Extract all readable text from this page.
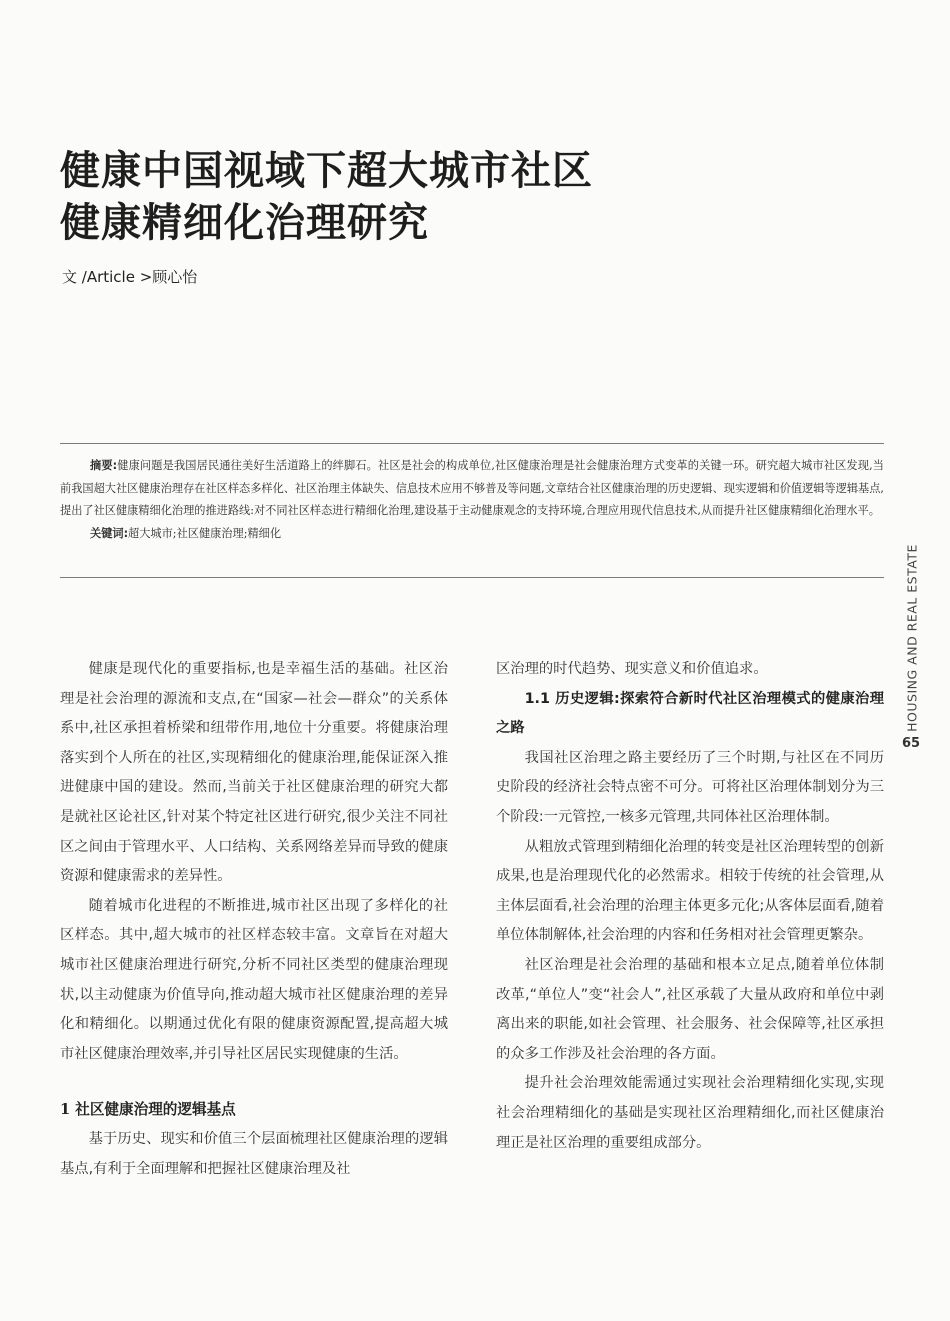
健康中国视域下超大城市社区
健康精细化治理研究
文 /Article >顾心怡

摘要:健康问题是我国居民通往美好生活道路上的绊脚石。社区是社会的构成单位,社区健康治理是社会健康治理方式变革的关键一环。研究超大城市社区发现,当前我国超大社区健康治理存在社区样态多样化、社区治理主体缺失、信息技术应用不够普及等问题,文章结合社区健康治理的历史逻辑、现实逻辑和价值逻辑等逻辑基点,提出了社区健康精细化治理的推进路线:对不同社区样态进行精细化治理,建设基于主动健康观念的支持环境,合理应用现代信息技术,从而提升社区健康精细化治理水平。

关键词:超大城市;社区健康治理;精细化

健康是现代化的重要指标,也是幸福生活的基础。社区治理是社会治理的源流和支点,在“国家—社会—群众”的关系体系中,社区承担着桥梁和纽带作用,地位十分重要。将健康治理落实到个人所在的社区,实现精细化的健康治理,能保证深入推进健康中国的建设。然而,当前关于社区健康治理的研究大都是就社区论社区,针对某个特定社区进行研究,很少关注不同社区之间由于管理水平、人口结构、关系网络差异而导致的健康资源和健康需求的差异性。

随着城市化进程的不断推进,城市社区出现了多样化的社区样态。其中,超大城市的社区样态较丰富。文章旨在对超大城市社区健康治理进行研究,分析不同社区类型的健康治理现状,以主动健康为价值导向,推动超大城市社区健康治理的差异化和精细化。以期通过优化有限的健康资源配置,提高超大城市社区健康治理效率,并引导社区居民实现健康的生活。

1 社区健康治理的逻辑基点

基于历史、现实和价值三个层面梳理社区健康治理的逻辑基点,有利于全面理解和把握社区健康治理及社

区治理的时代趋势、现实意义和价值追求。

1.1 历史逻辑:探索符合新时代社区治理模式的健康治理之路

我国社区治理之路主要经历了三个时期,与社区在不同历史阶段的经济社会特点密不可分。可将社区治理体制划分为三个阶段:一元管控,一核多元管理,共同体社区治理体制。

从粗放式管理到精细化治理的转变是社区治理转型的创新成果,也是治理现代化的必然需求。相较于传统的社会管理,从主体层面看,社会治理的治理主体更多元化;从客体层面看,随着单位体制解体,社会治理的内容和任务相对社会管理更繁杂。

社区治理是社会治理的基础和根本立足点,随着单位体制改革,“单位人”变“社会人”,社区承载了大量从政府和单位中剥离出来的职能,如社会管理、社会服务、社会保障等,社区承担的众多工作涉及社会治理的各方面。

提升社会治理效能需通过实现社会治理精细化实现,实现社会治理精细化的基础是实现社区治理精细化,而社区健康治理正是社区治理的重要组成部分。

HOUSING AND REAL ESTATE
65
